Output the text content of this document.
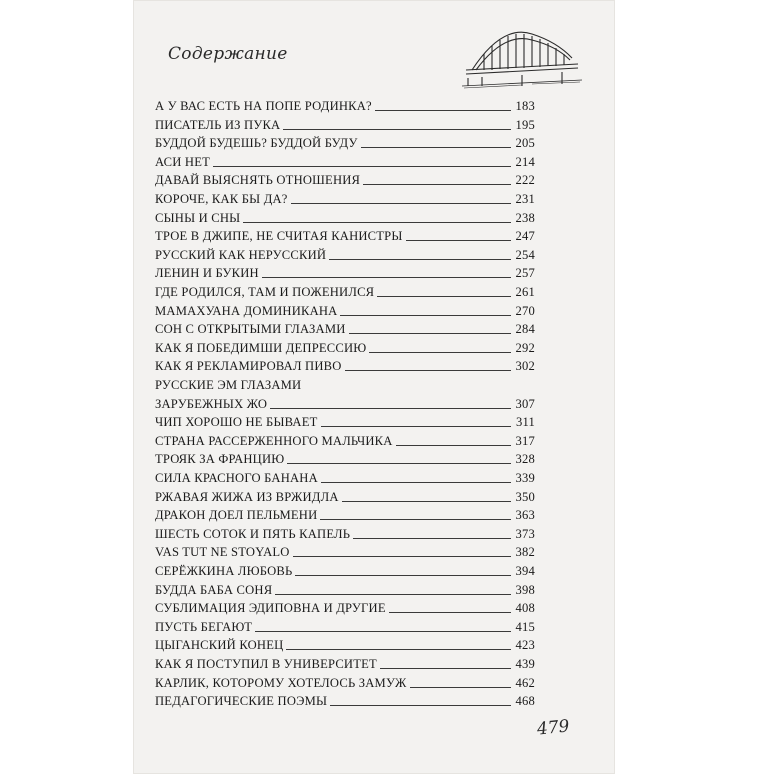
Содержание
А У ВАС ЕСТЬ НА ПОПЕ РОДИНКА?	183
ПИСАТЕЛЬ ИЗ ПУКА	195
БУДДОЙ БУДЕШЬ? БУДДОЙ БУДУ	205
АСИ НЕТ	214
ДАВАЙ ВЫЯСНЯТЬ ОТНОШЕНИЯ	222
КОРОЧЕ, КАК БЫ ДА?	231
СЫНЫ И СНЫ	238
ТРОЕ В ДЖИПЕ, НЕ СЧИТАЯ КАНИСТРЫ	247
РУССКИЙ КАК НЕРУССКИЙ	254
ЛЕНИН И БУКИН	257
ГДЕ РОДИЛСЯ, ТАМ И ПОЖЕНИЛСЯ	261
МАМАХУАНА ДОМИНИКАНА	270
СОН С ОТКРЫТЫМИ ГЛАЗАМИ	284
КАК Я ПОБЕДИМШИ ДЕПРЕССИЮ	292
КАК Я РЕКЛАМИРОВАЛ ПИВО	302
РУССКИЕ ЭМ ГЛАЗАМИ
ЗАРУБЕЖНЫХ ЖО	307
ЧИП ХОРОШО НЕ БЫВАЕТ	311
СТРАНА РАССЕРЖЕННОГО МАЛЬЧИКА	317
ТРОЯК ЗА ФРАНЦИЮ	328
СИЛА КРАСНОГО БАНАНА	339
РЖАВАЯ ЖИЖА ИЗ ВРЖИДЛА	350
ДРАКОН ДОЕЛ ПЕЛЬМЕНИ	363
ШЕСТЬ СОТОК И ПЯТЬ КАПЕЛЬ	373
VAS TUT NE STOYALO	382
СЕРЁЖКИНА ЛЮБОВЬ	394
БУДДА БАБА СОНЯ	398
СУБЛИМАЦИЯ ЭДИПОВНА И ДРУГИЕ	408
ПУСТЬ БЕГАЮТ	415
ЦЫГАНСКИЙ КОНЕЦ	423
КАК Я ПОСТУПИЛ В УНИВЕРСИТЕТ	439
КАРЛИК, КОТОРОМУ ХОТЕЛОСЬ ЗАМУЖ	462
ПЕДАГОГИЧЕСКИЕ ПОЭМЫ	468
479
